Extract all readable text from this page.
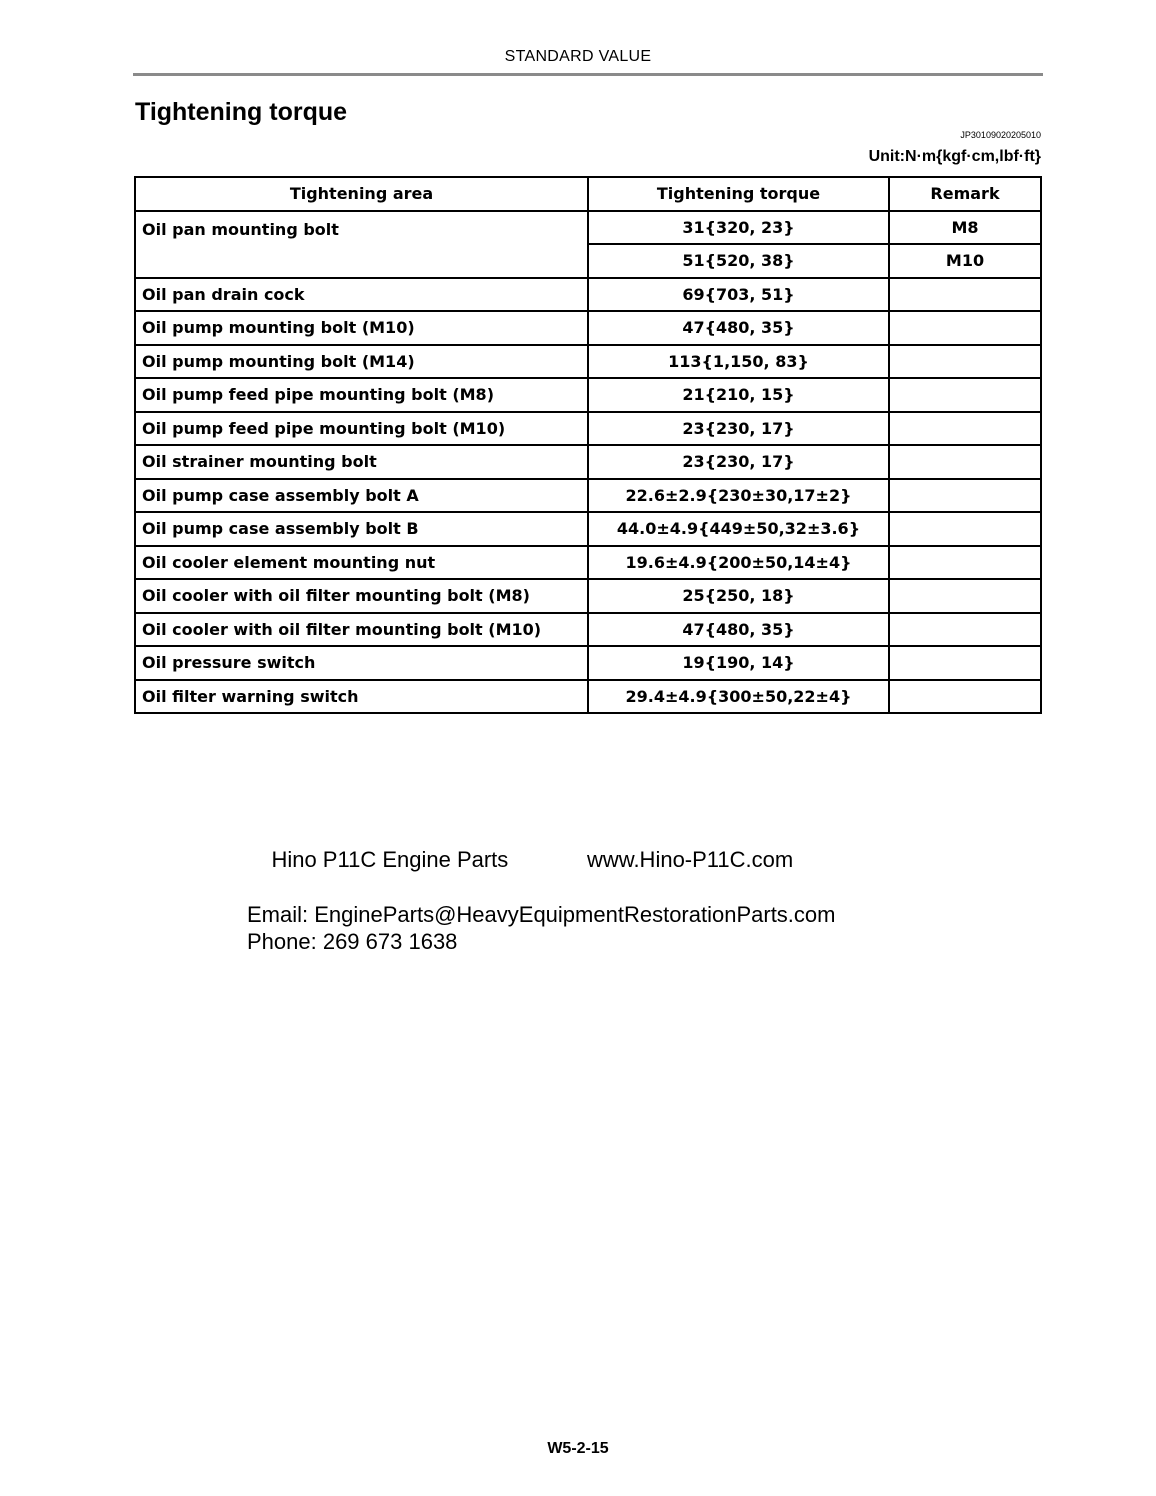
STANDARD VALUE
Tightening torque
JP30109020205010
Unit:N·m{kgf·cm,lbf·ft}
Tightening area	Tightening torque	Remark

Oil pan mounting bolt	31{320, 23}	M8
	51{520, 38}	M10
Oil pan drain cock	69{703, 51}	
Oil pump mounting bolt (M10)	47{480, 35}	
Oil pump mounting bolt (M14)	113{1,150, 83}	
Oil pump feed pipe mounting bolt (M8)	21{210, 15}	
Oil pump feed pipe mounting bolt (M10)	23{230, 17}	
Oil strainer mounting bolt	23{230, 17}	
Oil pump case assembly bolt A	22.6±2.9{230±30,17±2}	
Oil pump case assembly bolt B	44.0±4.9{449±50,32±3.6}	
Oil cooler element mounting nut	19.6±4.9{200±50,14±4}	
Oil cooler with oil filter mounting bolt (M8)	25{250, 18}	
Oil cooler with oil filter mounting bolt (M10)	47{480, 35}	
Oil pressure switch	19{190, 14}	
Oil filter warning switch	29.4±4.9{300±50,22±4}	

Hino P11C Engine Parts	www.Hino-P11C.com

Email: EngineParts@HeavyEquipmentRestorationParts.com
Phone: 269 673 1638
W5-2-15
